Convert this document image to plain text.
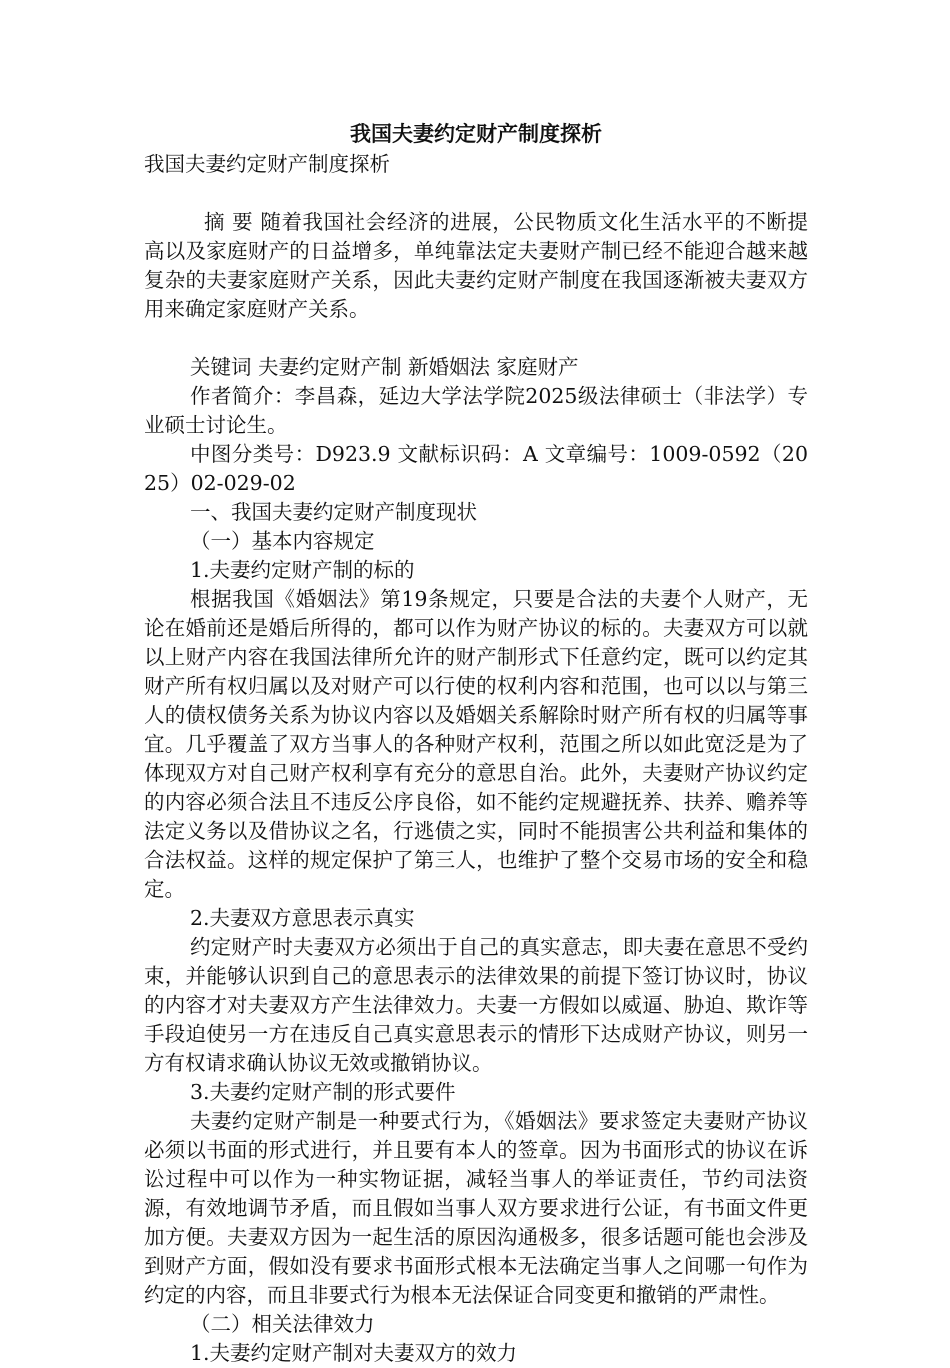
我国夫妻约定财产制度探析
我国夫妻约定财产制度探析
摘 要 随着我国社会经济的进展，公民物质文化生活水平的不断提高以及家庭财产的日益增多，单纯靠法定夫妻财产制已经不能迎合越来越复杂的夫妻家庭财产关系，因此夫妻约定财产制度在我国逐渐被夫妻双方用来确定家庭财产关系。
关键词 夫妻约定财产制 新婚姻法 家庭财产
作者简介：李昌森，延边大学法学院2025级法律硕士（非法学）专业硕士讨论生。
中图分类号：D923.9 文献标识码：A 文章编号：1009-0592（2025）02-029-02
一、我国夫妻约定财产制度现状
（一）基本内容规定
1.夫妻约定财产制的标的
根据我国《婚姻法》第19条规定，只要是合法的夫妻个人财产，无论在婚前还是婚后所得的，都可以作为财产协议的标的。夫妻双方可以就以上财产内容在我国法律所允许的财产制形式下任意约定，既可以约定其财产所有权归属以及对财产可以行使的权利内容和范围，也可以以与第三人的债权债务关系为协议内容以及婚姻关系解除时财产所有权的归属等事宜。几乎覆盖了双方当事人的各种财产权利，范围之所以如此宽泛是为了体现双方对自己财产权利享有充分的意思自治。此外，夫妻财产协议约定的内容必须合法且不违反公序良俗，如不能约定规避抚养、扶养、赡养等法定义务以及借协议之名，行逃债之实，同时不能损害公共利益和集体的合法权益。这样的规定保护了第三人，也维护了整个交易市场的安全和稳定。
2.夫妻双方意思表示真实
约定财产时夫妻双方必须出于自己的真实意志，即夫妻在意思不受约束，并能够认识到自己的意思表示的法律效果的前提下签订协议时，协议的内容才对夫妻双方产生法律效力。夫妻一方假如以威逼、胁迫、欺诈等手段迫使另一方在违反自己真实意思表示的情形下达成财产协议，则另一方有权请求确认协议无效或撤销协议。
3.夫妻约定财产制的形式要件
夫妻约定财产制是一种要式行为，《婚姻法》要求签定夫妻财产协议必须以书面的形式进行，并且要有本人的签章。因为书面形式的协议在诉讼过程中可以作为一种实物证据，减轻当事人的举证责任，节约司法资源，有效地调节矛盾，而且假如当事人双方要求进行公证，有书面文件更加方便。夫妻双方因为一起生活的原因沟通极多，很多话题可能也会涉及到财产方面，假如没有要求书面形式根本无法确定当事人之间哪一句作为约定的内容，而且非要式行为根本无法保证合同变更和撤销的严肃性。
（二）相关法律效力
1.夫妻约定财产制对夫妻双方的效力
